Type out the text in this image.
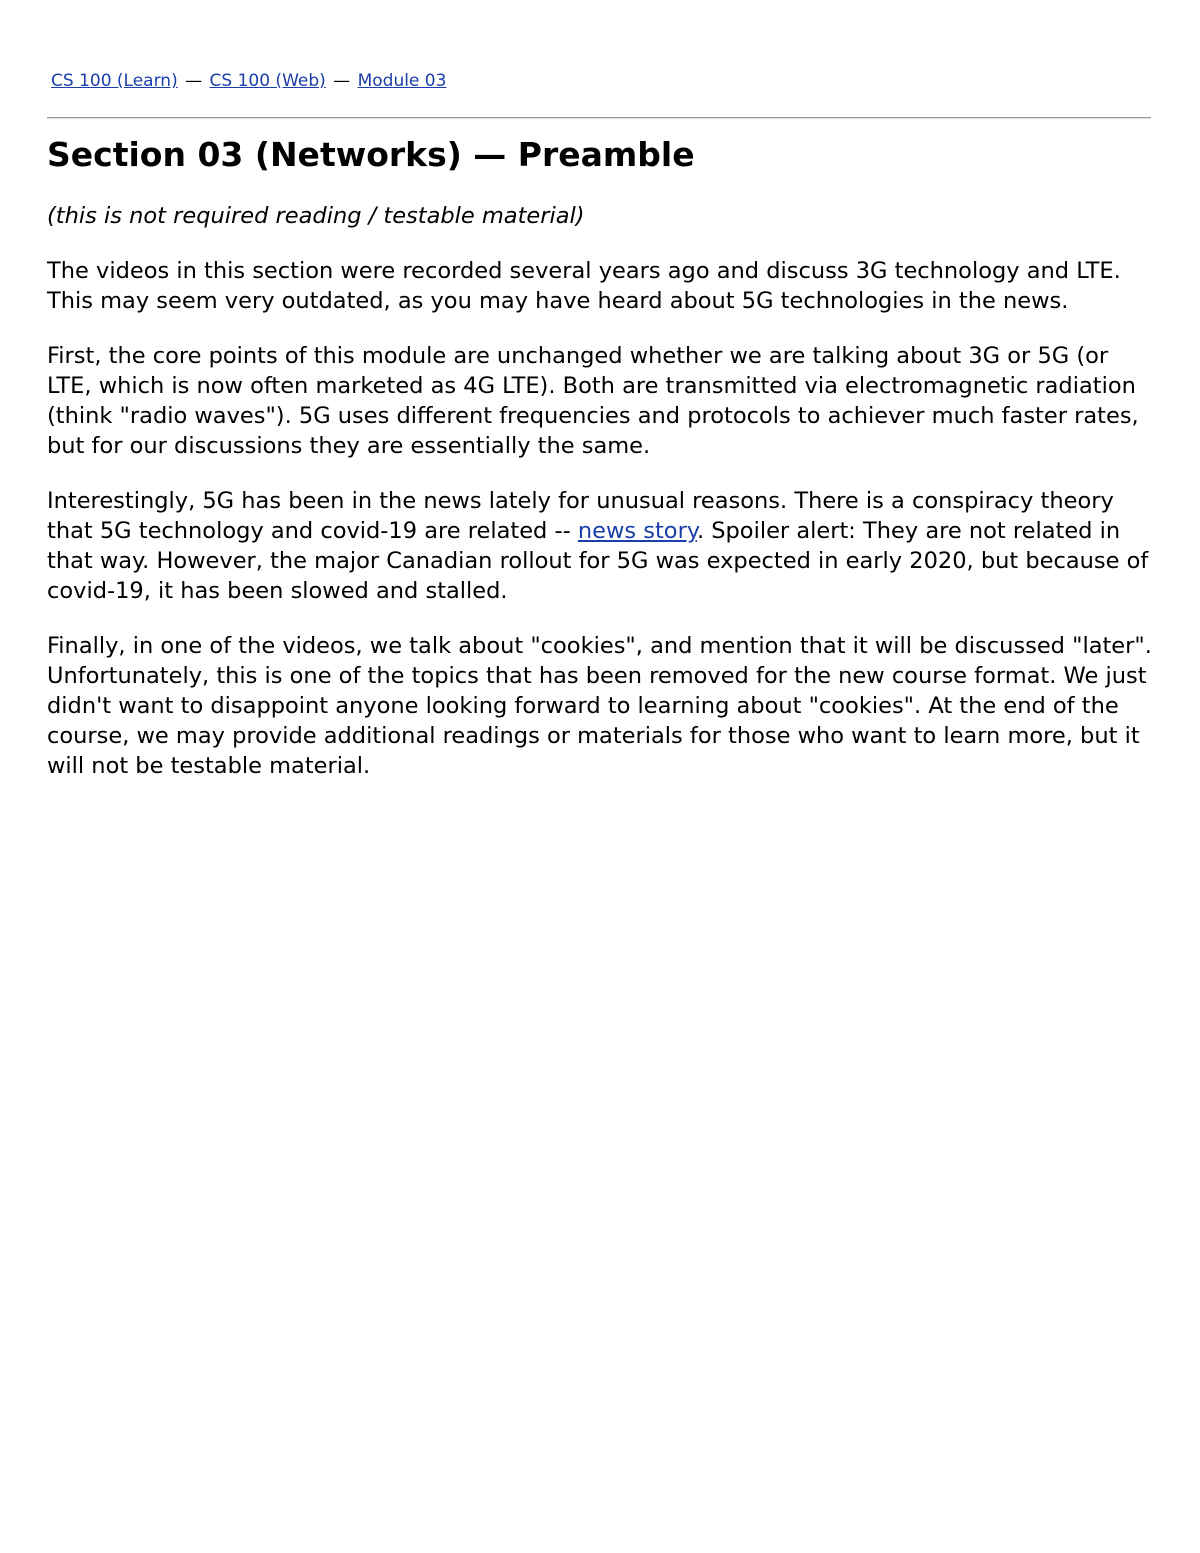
CS 100 (Learn) — CS 100 (Web) — Module 03
Section 03 (Networks) — Preamble

(this is not required reading / testable material)

The videos in this section were recorded several years ago and discuss 3G technology and LTE. This may seem very outdated, as you may have heard about 5G technologies in the news.

First, the core points of this module are unchanged whether we are talking about 3G or 5G (or LTE, which is now often marketed as 4G LTE). Both are transmitted via electromagnetic radiation (think "radio waves"). 5G uses different frequencies and protocols to achiever much faster rates, but for our discussions they are essentially the same.

Interestingly, 5G has been in the news lately for unusual reasons. There is a conspiracy theory that 5G technology and covid-19 are related -- news story. Spoiler alert: They are not related in that way. However, the major Canadian rollout for 5G was expected in early 2020, but because of covid-19, it has been slowed and stalled.

Finally, in one of the videos, we talk about "cookies", and mention that it will be discussed "later". Unfortunately, this is one of the topics that has been removed for the new course format. We just didn't want to disappoint anyone looking forward to learning about "cookies". At the end of the course, we may provide additional readings or materials for those who want to learn more, but it will not be testable material.
